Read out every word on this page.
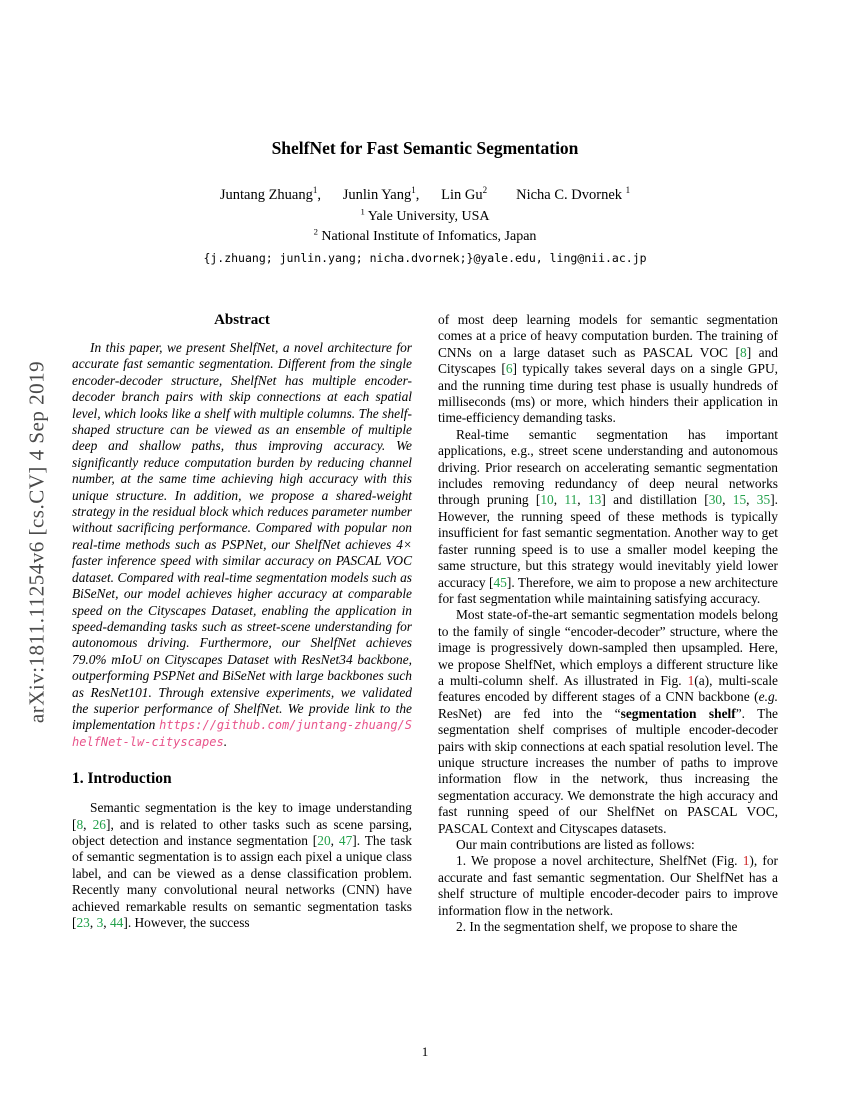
arXiv:1811.11254v6 [cs.CV] 4 Sep 2019
ShelfNet for Fast Semantic Segmentation
Juntang Zhuang$^1$,   Junlin Yang$^1$,   Lin Gu$^2$    Nicha C. Dvornek $^1$
$^1$ Yale University, USA
$^2$ National Institute of Infomatics, Japan
{j.zhuang; junlin.yang; nicha.dvornek;}@yale.edu, ling@nii.ac.jp
Abstract

In this paper, we present ShelfNet, a novel architecture for accurate fast semantic segmentation. Different from the single encoder-decoder structure, ShelfNet has multiple encoder-decoder branch pairs with skip connections at each spatial level, which looks like a shelf with multiple columns. The shelf-shaped structure can be viewed as an ensemble of multiple deep and shallow paths, thus improving accuracy. We significantly reduce computation burden by reducing channel number, at the same time achieving high accuracy with this unique structure. In addition, we propose a shared-weight strategy in the residual block which reduces parameter number without sacrificing performance. Compared with popular non real-time methods such as PSPNet, our ShelfNet achieves 4× faster inference speed with similar accuracy on PASCAL VOC dataset. Compared with real-time segmentation models such as BiSeNet, our model achieves higher accuracy at comparable speed on the Cityscapes Dataset, enabling the application in speed-demanding tasks such as street-scene understanding for autonomous driving. Furthermore, our ShelfNet achieves 79.0% mIoU on Cityscapes Dataset with ResNet34 backbone, outperforming PSPNet and BiSeNet with large backbones such as ResNet101. Through extensive experiments, we validated the superior performance of ShelfNet. We provide link to the implementation https://github.com/juntang-zhuang/ShelfNet-lw-cityscapes.

1. Introduction

Semantic segmentation is the key to image understanding [8, 26], and is related to other tasks such as scene parsing, object detection and instance segmentation [20, 47]. The task of semantic segmentation is to assign each pixel a unique class label, and can be viewed as a dense classification problem. Recently many convolutional neural networks (CNN) have achieved remarkable results on semantic segmentation tasks [23, 3, 44]. However, the success

of most deep learning models for semantic segmentation comes at a price of heavy computation burden. The training of CNNs on a large dataset such as PASCAL VOC [8] and Cityscapes [6] typically takes several days on a single GPU, and the running time during test phase is usually hundreds of milliseconds (ms) or more, which hinders their application in time-efficiency demanding tasks.

Real-time semantic segmentation has important applications, e.g., street scene understanding and autonomous driving. Prior research on accelerating semantic segmentation includes removing redundancy of deep neural networks through pruning [10, 11, 13] and distillation [30, 15, 35]. However, the running speed of these methods is typically insufficient for fast semantic segmentation. Another way to get faster running speed is to use a smaller model keeping the same structure, but this strategy would inevitably yield lower accuracy [45]. Therefore, we aim to propose a new architecture for fast segmentation while maintaining satisfying accuracy.

Most state-of-the-art semantic segmentation models belong to the family of single “encoder-decoder” structure, where the image is progressively down-sampled then upsampled. Here, we propose ShelfNet, which employs a different structure like a multi-column shelf. As illustrated in Fig. 1(a), multi-scale features encoded by different stages of a CNN backbone (e.g. ResNet) are fed into the “segmentation shelf”. The segmentation shelf comprises of multiple encoder-decoder pairs with skip connections at each spatial resolution level. The unique structure increases the number of paths to improve information flow in the network, thus increasing the segmentation accuracy. We demonstrate the high accuracy and fast running speed of our ShelfNet on PASCAL VOC, PASCAL Context and Cityscapes datasets.

Our main contributions are listed as follows:

1. We propose a novel architecture, ShelfNet (Fig. 1), for accurate and fast semantic segmentation. Our ShelfNet has a shelf structure of multiple encoder-decoder pairs to improve information flow in the network.

2. In the segmentation shelf, we propose to share the

1
